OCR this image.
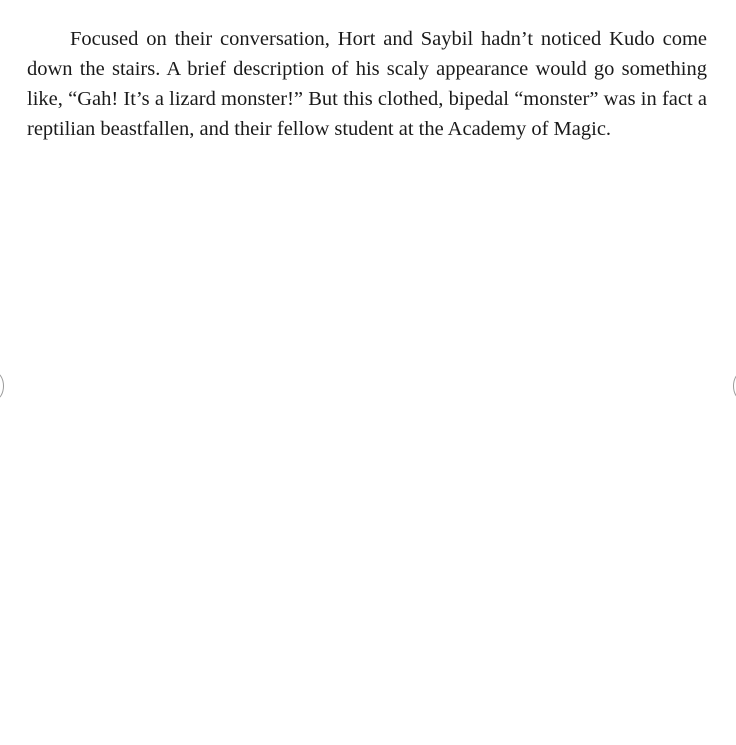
Focused on their conversation, Hort and Saybil hadn’t noticed Kudo come down the stairs. A brief description of his scaly appearance would go something like, “Gah! It’s a lizard monster!” But this clothed, bipedal “monster” was in fact a reptilian beastfallen, and their fellow student at the Academy of Magic.
